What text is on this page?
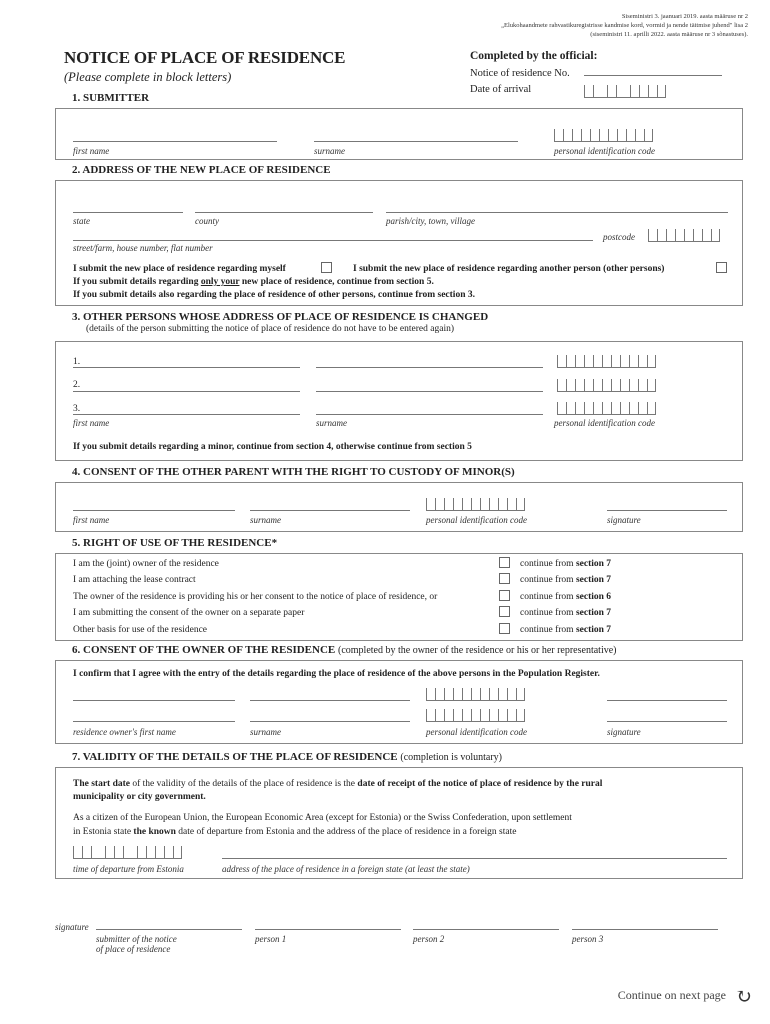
Siseministri 3. jaanuari 2019. aasta määruse nr 2
„Elukohaandmete rahvastikuregistrisse kandmise kord, vormid ja nende täitmise juhend" lisa 2
(siseministri 11. aprilli 2022. aasta määruse nr 3 sõnastuses).
NOTICE OF PLACE OF RESIDENCE
(Please complete in block letters)
Completed by the official:
Notice of residence No.
Date of arrival
1. SUBMITTER
first name	surname	personal identification code
2. ADDRESS OF THE NEW PLACE OF RESIDENCE
state	county	parish/city, town, village
postcode
street/farm, house number, flat number
I submit the new place of residence regarding myself	I submit the new place of residence regarding another person (other persons)
If you submit details regarding only your new place of residence, continue from section 5.
If you submit details also regarding the place of residence of other persons, continue from section 3.
3. OTHER PERSONS WHOSE ADDRESS OF PLACE OF RESIDENCE IS CHANGED
(details of the person submitting the notice of place of residence do not have to be entered again)
1.
2.
3.
first name	surname	personal identification code
If you submit details regarding a minor, continue from section 4, otherwise continue from section 5
4. CONSENT OF THE OTHER PARENT WITH THE RIGHT TO CUSTODY OF MINOR(S)
first name	surname	personal identification code	signature
5. RIGHT OF USE OF THE RESIDENCE*
I am the (joint) owner of the residence	continue from section 7
I am attaching the lease contract	continue from section 7
The owner of the residence is providing his or her consent to the notice of place of residence, or	continue from section 6
I am submitting the consent of the owner on a separate paper	continue from section 7
Other basis for use of the residence	continue from section 7
6. CONSENT OF THE OWNER OF THE RESIDENCE (completed by the owner of the residence or his or her representative)
I confirm that I agree with the entry of the details regarding the place of residence of the above persons in the Population Register.
residence owner's first name	surname	personal identification code	signature
7. VALIDITY OF THE DETAILS OF THE PLACE OF RESIDENCE (completion is voluntary)
The start date of the validity of the details of the place of residence is the date of receipt of the notice of place of residence by the rural
municipality or city government.
As a citizen of the European Union, the European Economic Area (except for Estonia) or the Swiss Confederation, upon settlement
in Estonia state the known date of departure from Estonia and the address of the place of residence in a foreign state
time of departure from Estonia	address of the place of residence in a foreign state (at least the state)
signature
submitter of the notice
of place of residence
person 1	person 2	person 3
Continue on next page ↻
